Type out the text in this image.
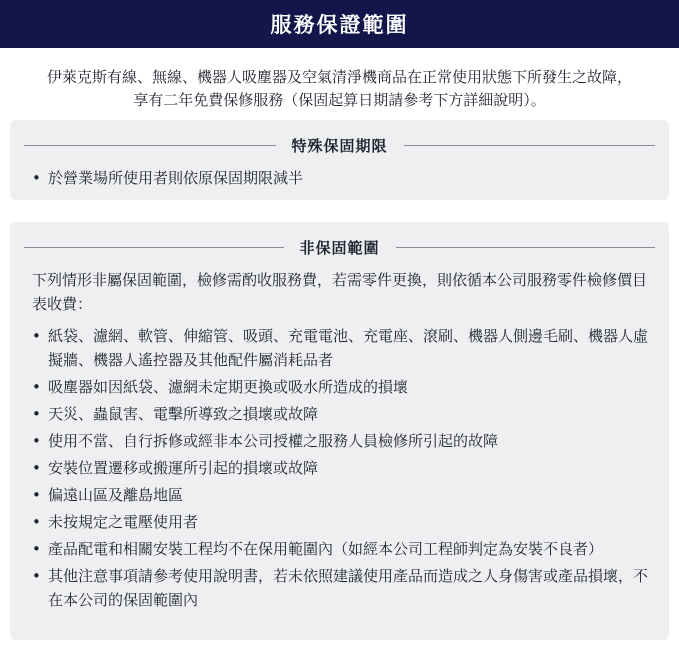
服務保證範圍
伊萊克斯有線、無線、機器人吸塵器及空氣清淨機商品在正常使用狀態下所發生之故障，
享有二年免費保修服務（保固起算日期請參考下方詳細說明）。
特殊保固期限
• 於營業場所使用者則依原保固期限減半
非保固範圍
下列情形非屬保固範圍，檢修需酌收服務費，若需零件更換，則依循本公司服務零件檢修價目表收費：
• 紙袋、濾網、軟管、伸縮管、吸頭、充電電池、充電座、滾刷、機器人側邊毛刷、機器人虛擬牆、機器人遙控器及其他配件屬消耗品者
• 吸塵器如因紙袋、濾網未定期更換或吸水所造成的損壞
• 天災、蟲鼠害、電擊所導致之損壞或故障
• 使用不當、自行拆修或經非本公司授權之服務人員檢修所引起的故障
• 安裝位置遷移或搬運所引起的損壞或故障
• 偏遠山區及離島地區
• 未按規定之電壓使用者
• 產品配電和相關安裝工程均不在保用範圍內（如經本公司工程師判定為安裝不良者）
• 其他注意事項請參考使用說明書，若未依照建議使用產品而造成之人身傷害或產品損壞，不在本公司的保固範圍內
